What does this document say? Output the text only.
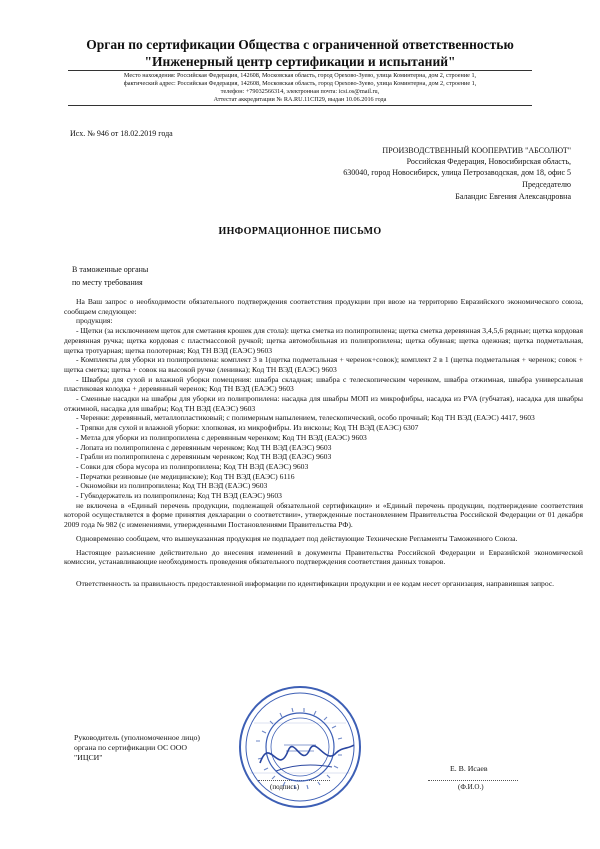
Орган по сертификации Общества с ограниченной ответственностью
"Инженерный центр сертификации и испытаний"
Место нахождения: Российская Федерация, 142608, Московская область, город Орехово-Зуево, улица Коминтерна, дом 2, строение 1,
фактический адрес: Российская Федерация, 142608, Московская область, город Орехово-Зуево, улица Коминтерна, дом 2, строение 1,
телефон: +79032566314, электронная почта: icsi.os@mail.ru,
Аттестат аккредитации № RA.RU.11СП29, выдан 10.06.2016 года
Исх. № 946 от 18.02.2019 года
ПРОИЗВОДСТВЕННЫЙ КООПЕРАТИВ "АБСОЛЮТ"
Российская Федерация, Новосибирская область,
630040, город Новосибирск, улица Петрозаводская, дом 18, офис 5
Председателю
Баландис Евгения Александровна
ИНФОРМАЦИОННОЕ ПИСЬМО
В таможенные органы
по месту требования

На Ваш запрос о необходимости обязательного подтверждения соответствия продукции при ввозе на территорию Евразийского экономического союза, сообщаем следующее:

продукция:

- Щетки (за исключением щеток для сметания крошек для стола): щетка сметка из полипропилена; щетка сметка деревянная 3,4,5,6 рядные; щетка кордовая деревянная ручка; щетка кордовая с пластмассовой ручкой; щетка автомобильная из полипропилена; щетка обувная; щетка одежная; щетка подметальная, щетка тротуарная; щетка полотерная; Код ТН ВЭД (ЕАЭС) 9603

- Комплекты для уборки из полипропилена: комплект 3 в 1(щетка подметальная + черенок+совок); комплект 2 в 1 (щетка подметальная + черенок; совок + щетка сметка; щетка + совок на высокой ручке (ленивка); Код ТН ВЭД (ЕАЭС) 9603

- Швабры для сухой и влажной уборки помещения: швабра складная; швабра с телескопическим черенком, швабра отжимная, швабра универсальная пластиковая колодка + деревянный черенок; Код ТН ВЭД (ЕАЭС) 9603

- Сменные насадки на швабры для уборки из полипропилена: насадка для швабры МОП из микрофибры, насадка из PVA (губчатая), насадка для швабры отжимной, насадка для швабры; Код ТН ВЭД (ЕАЭС) 9603

- Черенки: деревянный, металлопластиковый; с полимерным напылением, телескопический, особо прочный; Код ТН ВЭД (ЕАЭС) 4417, 9603

- Тряпки для сухой и влажной уборки: хлопковая, из микрофибры. Из вискозы; Код ТН ВЭД (ЕАЭС) 6307

- Метла для уборки из полипропилена с деревянным черенком; Код ТН ВЭД (ЕАЭС) 9603

- Лопата из полипропилена с деревянным черенком; Код ТН ВЭД (ЕАЭС) 9603

- Грабли из полипропилена с деревянным черенком; Код ТН ВЭД (ЕАЭС) 9603

- Совки для сбора мусора из полипропилена; Код ТН ВЭД (ЕАЭС) 9603

- Перчатки резиновые (не медицинские); Код ТН ВЭД (ЕАЭС) 6116

- Окномойки из полипропилена; Код ТН ВЭД (ЕАЭС) 9603

- Губкодержатель из полипропилена; Код ТН ВЭД (ЕАЭС) 9603

не включена в «Единый перечень продукции, подлежащей обязательной сертификации» и «Единый перечень продукции, подтверждение соответствия которой осуществляется в форме принятия декларации о соответствии», утвержденные постановлением Правительства Российской Федерации от 01 декабря 2009 года № 982 (с изменениями, утвержденными Постановлениями Правительства РФ).

Одновременно сообщаем, что вышеуказанная продукция не подпадает под действующие Технические Регламенты Таможенного Союза.

Настоящее разъяснение действительно до внесения изменений в документы Правительства Российской Федерации и Евразийской экономической комиссии, устанавливающие необходимость проведения обязательного подтверждения соответствия данных товаров.

Ответственность за правильность предоставленной информации по идентификации продукции и ее кодам несет организация, направившая запрос.

Руководитель (уполномоченное лицо)
органа по сертификации ОС ООО
"ИЦСИ"
(подпись)
Е. В. Исаев
(Ф.И.О.)
